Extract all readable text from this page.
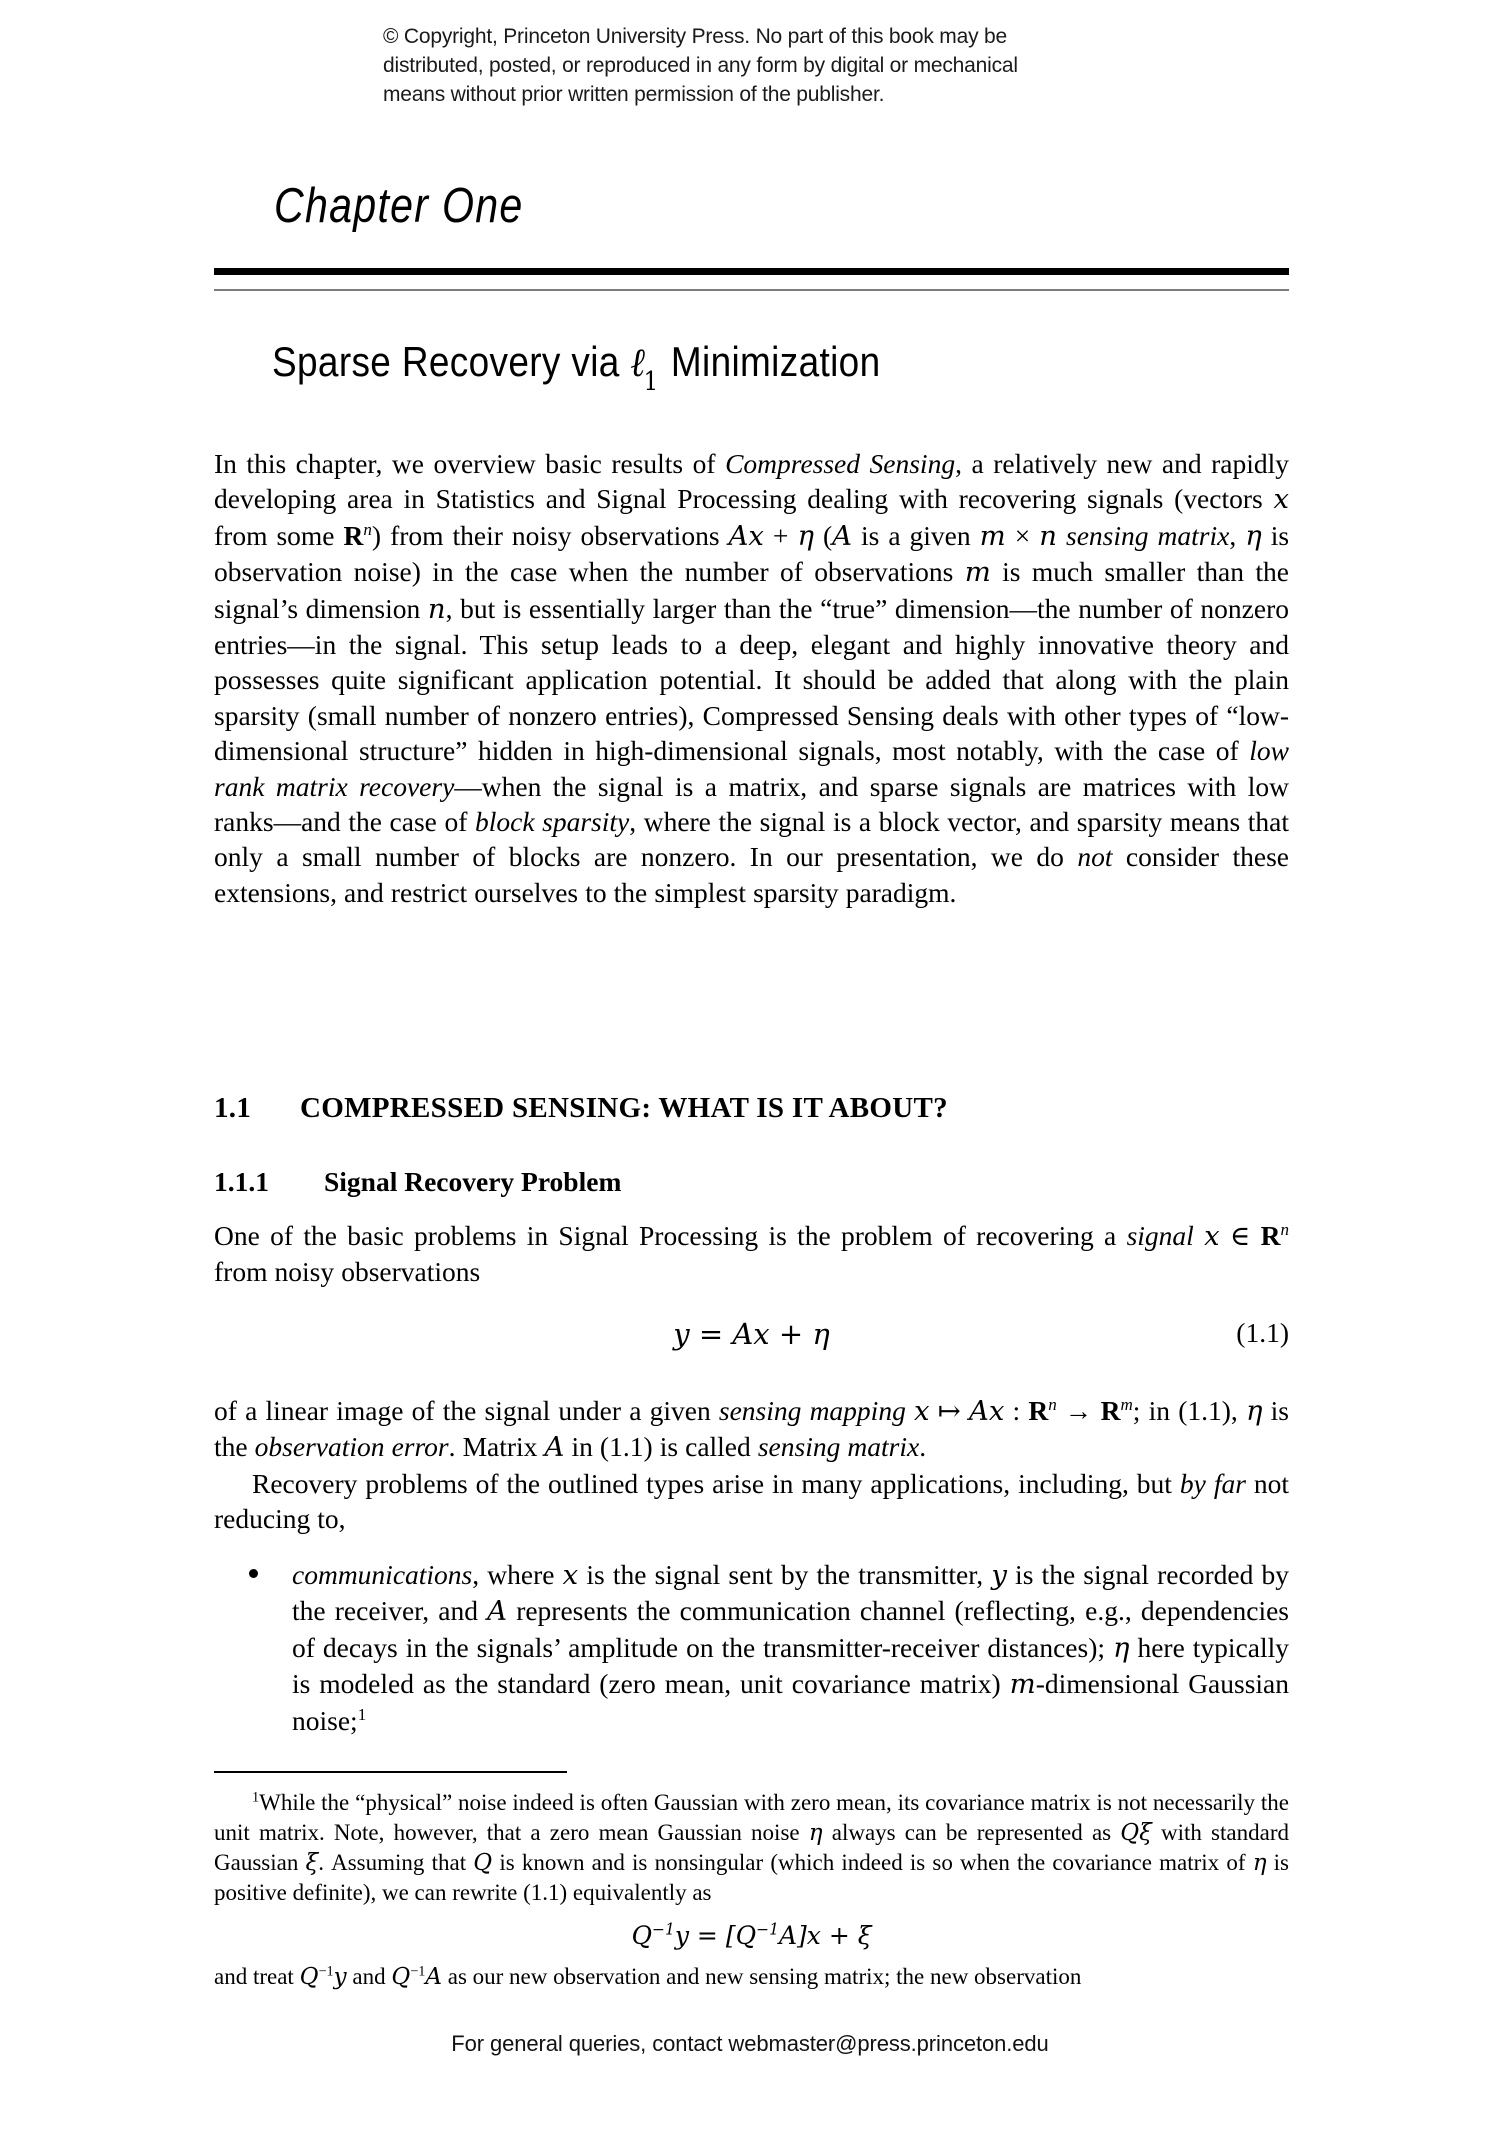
© Copyright, Princeton University Press. No part of this book may be
distributed, posted, or reproduced in any form by digital or mechanical
means without prior written permission of the publisher.
Chapter One
Sparse Recovery via ℓ$_1$ Minimization

In this chapter, we overview basic results of Compressed Sensing, a relatively new and rapidly developing area in Statistics and Signal Processing dealing with recovering signals (vectors x from some $R^n$) from their noisy observations Ax + η (A is a given m × n sensing matrix, η is observation noise) in the case when the number of observations m is much smaller than the signal’s dimension n, but is essentially larger than the “true” dimension—the number of nonzero entries—in the signal. This setup leads to a deep, elegant and highly innovative theory and possesses quite significant application potential. It should be added that along with the plain sparsity (small number of nonzero entries), Compressed Sensing deals with other types of “low-dimensional structure” hidden in high-dimensional signals, most notably, with the case of low rank matrix recovery—when the signal is a matrix, and sparse signals are matrices with low ranks—and the case of block sparsity, where the signal is a block vector, and sparsity means that only a small number of blocks are nonzero. In our presentation, we do not consider these extensions, and restrict ourselves to the simplest sparsity paradigm.

1.1 COMPRESSED SENSING: WHAT IS IT ABOUT?
1.1.1 Signal Recovery Problem

One of the basic problems in Signal Processing is the problem of recovering a signal x ∈ $R^n$ from noisy observations

y = Ax + η	(1.1)

of a linear image of the signal under a given sensing mapping x ↦ Ax : $R^n \to R^m$; in (1.1), η is the observation error. Matrix A in (1.1) is called sensing matrix.

Recovery problems of the outlined types arise in many applications, including, but by far not reducing to,

communications, where x is the signal sent by the transmitter, y is the signal recorded by the receiver, and A represents the communication channel (reflecting, e.g., dependencies of decays in the signals’ amplitude on the transmitter-receiver distances); η here typically is modeled as the standard (zero mean, unit covariance matrix) m-dimensional Gaussian noise;$^1$

$^1$While the “physical” noise indeed is often Gaussian with zero mean, its covariance matrix is not necessarily the unit matrix. Note, however, that a zero mean Gaussian noise η always can be represented as Qξ with standard Gaussian ξ. Assuming that Q is known and is nonsingular (which indeed is so when the covariance matrix of η is positive definite), we can rewrite (1.1) equivalently as

$Q^{-1}y = [Q^{-1}A]x + \xi$

and treat $Q^{-1}y$ and $Q^{-1}A$ as our new observation and new sensing matrix; the new observation

For general queries, contact webmaster@press.princeton.edu
